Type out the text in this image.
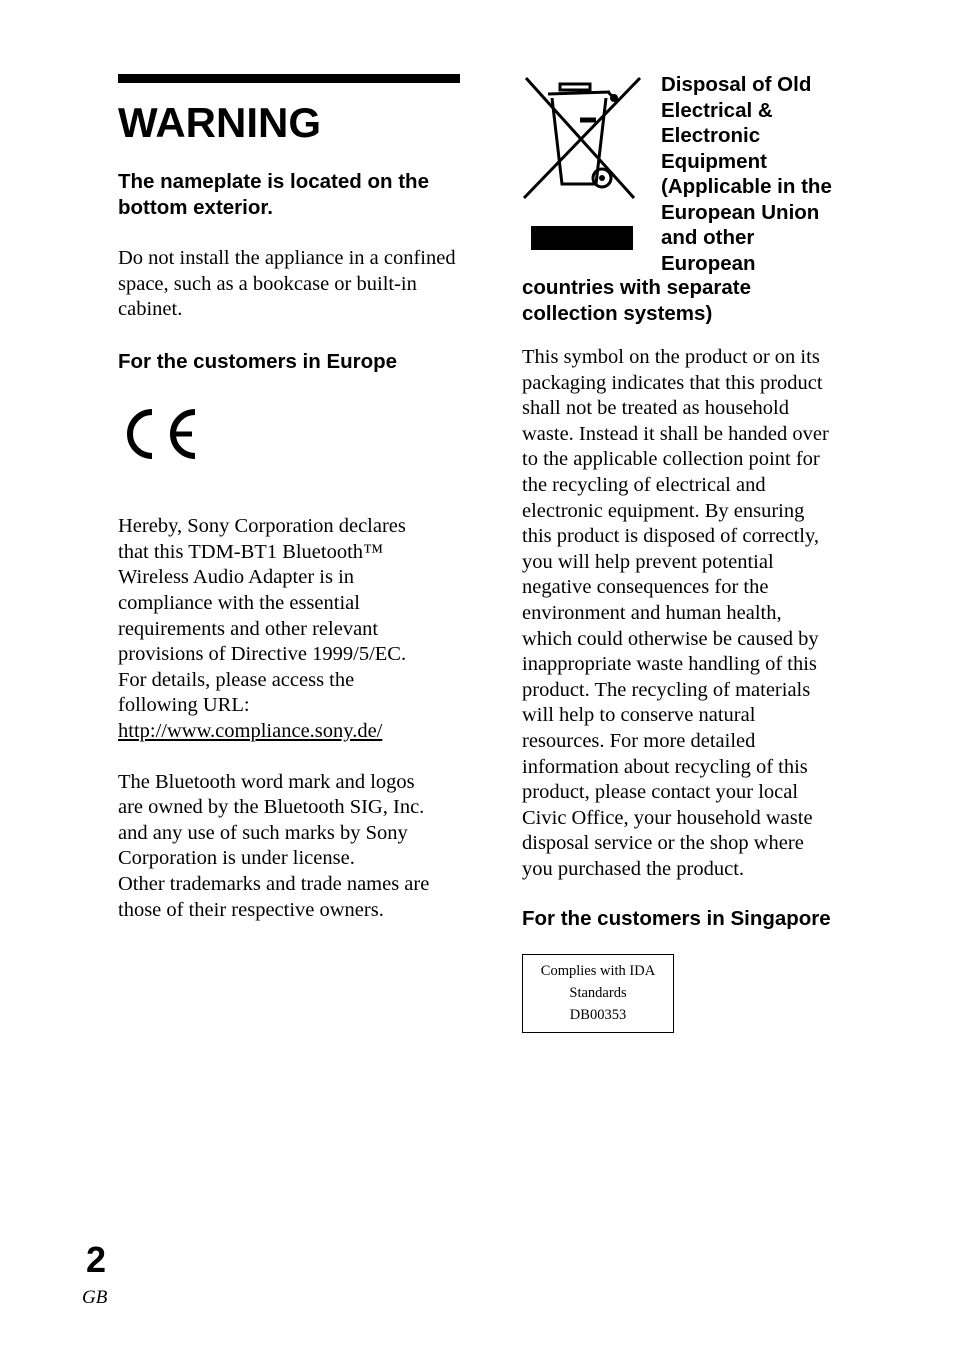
WARNING

The nameplate is located on the bottom exterior.

Do not install the appliance in a confined space, such as a bookcase or built-in cabinet.

For the customers in Europe

Hereby, Sony Corporation declares
that this TDM-BT1 Bluetooth™
Wireless Audio Adapter is in
compliance with the essential
requirements and other relevant
provisions of Directive 1999/5/EC.
For details, please access the
following URL:
http://www.compliance.sony.de/
The Bluetooth word mark and logos
are owned by the Bluetooth SIG, Inc.
and any use of such marks by Sony
Corporation is under license.
Other trademarks and trade names are
those of their respective owners.
Disposal of Old
Electrical &
Electronic
Equipment
(Applicable in the
European Union
and other
European
countries with separate
collection systems)
This symbol on the product or on its
packaging indicates that this product
shall not be treated as household
waste. Instead it shall be handed over
to the applicable collection point for
the recycling of electrical and
electronic equipment. By ensuring
this product is disposed of correctly,
you will help prevent potential
negative consequences for the
environment and human health,
which could otherwise be caused by
inappropriate waste handling of this
product. The recycling of materials
will help to conserve natural
resources. For more detailed
information about recycling of this
product, please contact your local
Civic Office, your household waste
disposal service or the shop where
you purchased the product.

For the customers in Singapore

Complies with IDA
Standards
DB00353
2
GB
